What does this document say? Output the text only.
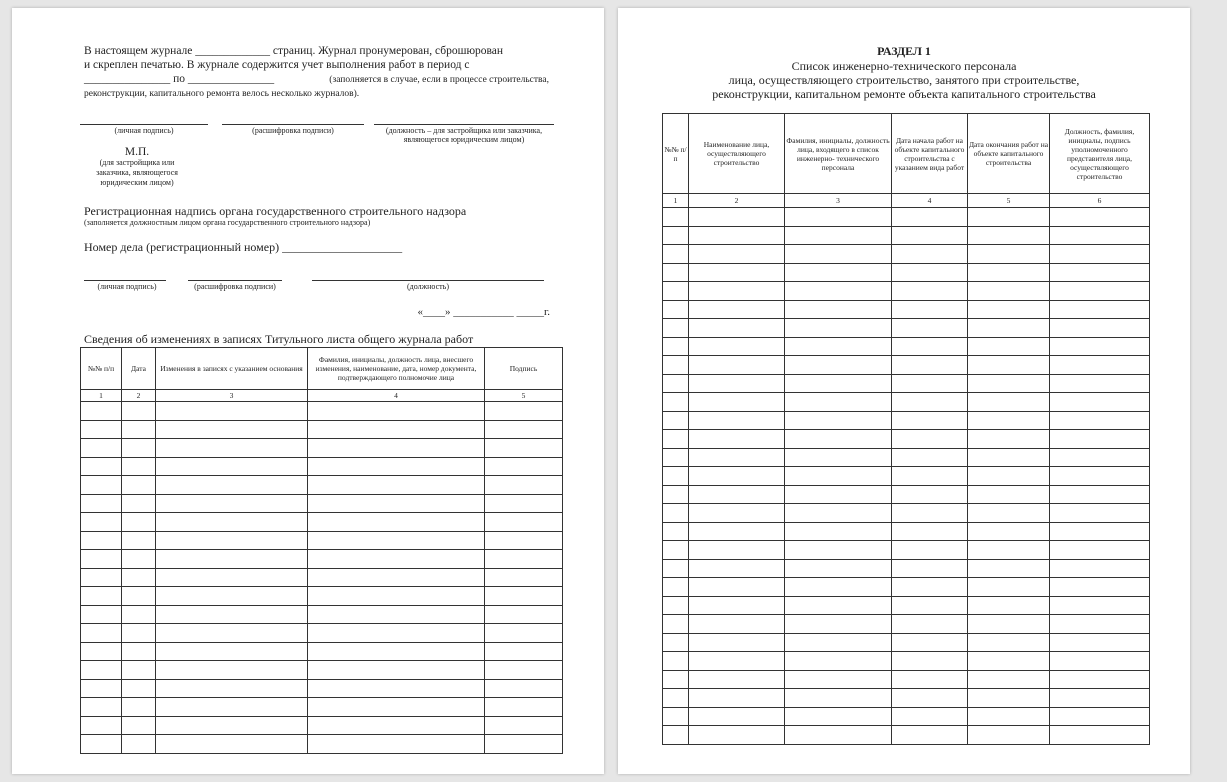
В настоящем журнале _____________ страниц. Журнал пронумерован, сброшюрован
и скреплен печатью. В журнале содержится учет выполнения работ в период с
_______________ по _______________	(заполняется в случае, если в процессе строительства,
реконструкции, капитального ремонта велось несколько журналов).
(личная подпись)	(расшифровка подписи)	(должность – для застройщика или заказчика,
являющегося юридическим лицом)
М.П.
(для застройщика или
заказчика, являющегося
юридическим лицом)
Регистрационная надпись органа государственного строительного надзора
(заполняется должностным лицом органа государственного строительного надзора)
Номер дела (регистрационный номер) ____________________
(личная подпись)	(расшифровка подписи)	(должность)
«____» ___________ _____г.
Сведения об изменениях в записях Титульного листа общего журнала работ
№№ п/п	Дата	Изменения в записях с указанием основания	Фамилия, инициалы, должность лица, внесшего изменения, наименование, дата, номер документа, подтверждающего полномочие лица	Подпись
1	2	3	4	5

РАЗДЕЛ 1
Список инженерно-технического персонала
лица, осуществляющего строительство, занятого при строительстве,
реконструкции, капитальном ремонте объекта капитального строительства
№№ п/п	Наименование лица, осуществляющего строительство	Фамилия, инициалы, должность лица, входящего в список инженерно- технического персонала	Дата начала работ на объекте капитального строительства с указанием вида работ	Дата окончания работ на объекте капитального строительства	Должность, фамилия, инициалы, подпись уполномоченного представителя лица, осуществляющего строительство
1	2	3	4	5	6
